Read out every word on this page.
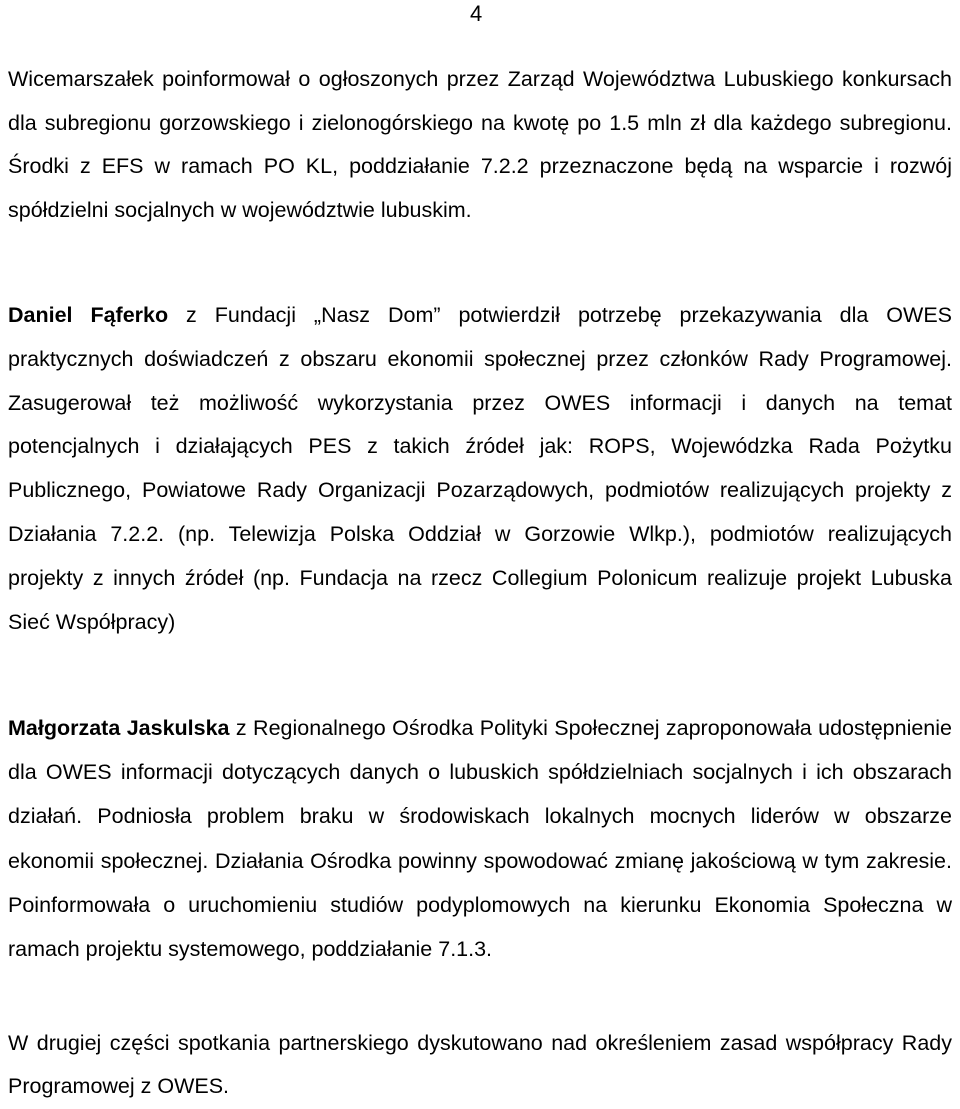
4

Wicemarszałek poinformował o ogłoszonych przez Zarząd Województwa Lubuskiego konkursach dla subregionu gorzowskiego i zielonogórskiego na kwotę po 1.5 mln zł dla każdego subregionu. Środki z EFS w ramach PO KL, poddziałanie 7.2.2 przeznaczone będą na wsparcie i rozwój spółdzielni socjalnych w województwie lubuskim.

Daniel Fąferko z Fundacji „Nasz Dom” potwierdził potrzebę przekazywania dla OWES praktycznych doświadczeń z obszaru ekonomii społecznej przez członków Rady Programowej. Zasugerował też możliwość wykorzystania przez OWES informacji i danych na temat potencjalnych i działających PES z takich źródeł jak: ROPS, Wojewódzka Rada Pożytku Publicznego, Powiatowe Rady Organizacji Pozarządowych, podmiotów realizujących projekty z Działania 7.2.2. (np. Telewizja Polska Oddział w Gorzowie Wlkp.), podmiotów realizujących projekty z innych źródeł (np. Fundacja na rzecz Collegium Polonicum realizuje projekt Lubuska Sieć Współpracy)

Małgorzata Jaskulska z Regionalnego Ośrodka Polityki Społecznej zaproponowała udostępnienie dla OWES informacji dotyczących danych o lubuskich spółdzielniach socjalnych i ich obszarach działań. Podniosła problem braku w środowiskach lokalnych mocnych liderów w obszarze ekonomii społecznej. Działania Ośrodka powinny spowodować zmianę jakościową w tym zakresie. Poinformowała o uruchomieniu studiów podyplomowych na kierunku Ekonomia Społeczna w ramach projektu systemowego, poddziałanie 7.1.3.

W drugiej części spotkania partnerskiego dyskutowano nad określeniem zasad współpracy Rady Programowej z OWES.
